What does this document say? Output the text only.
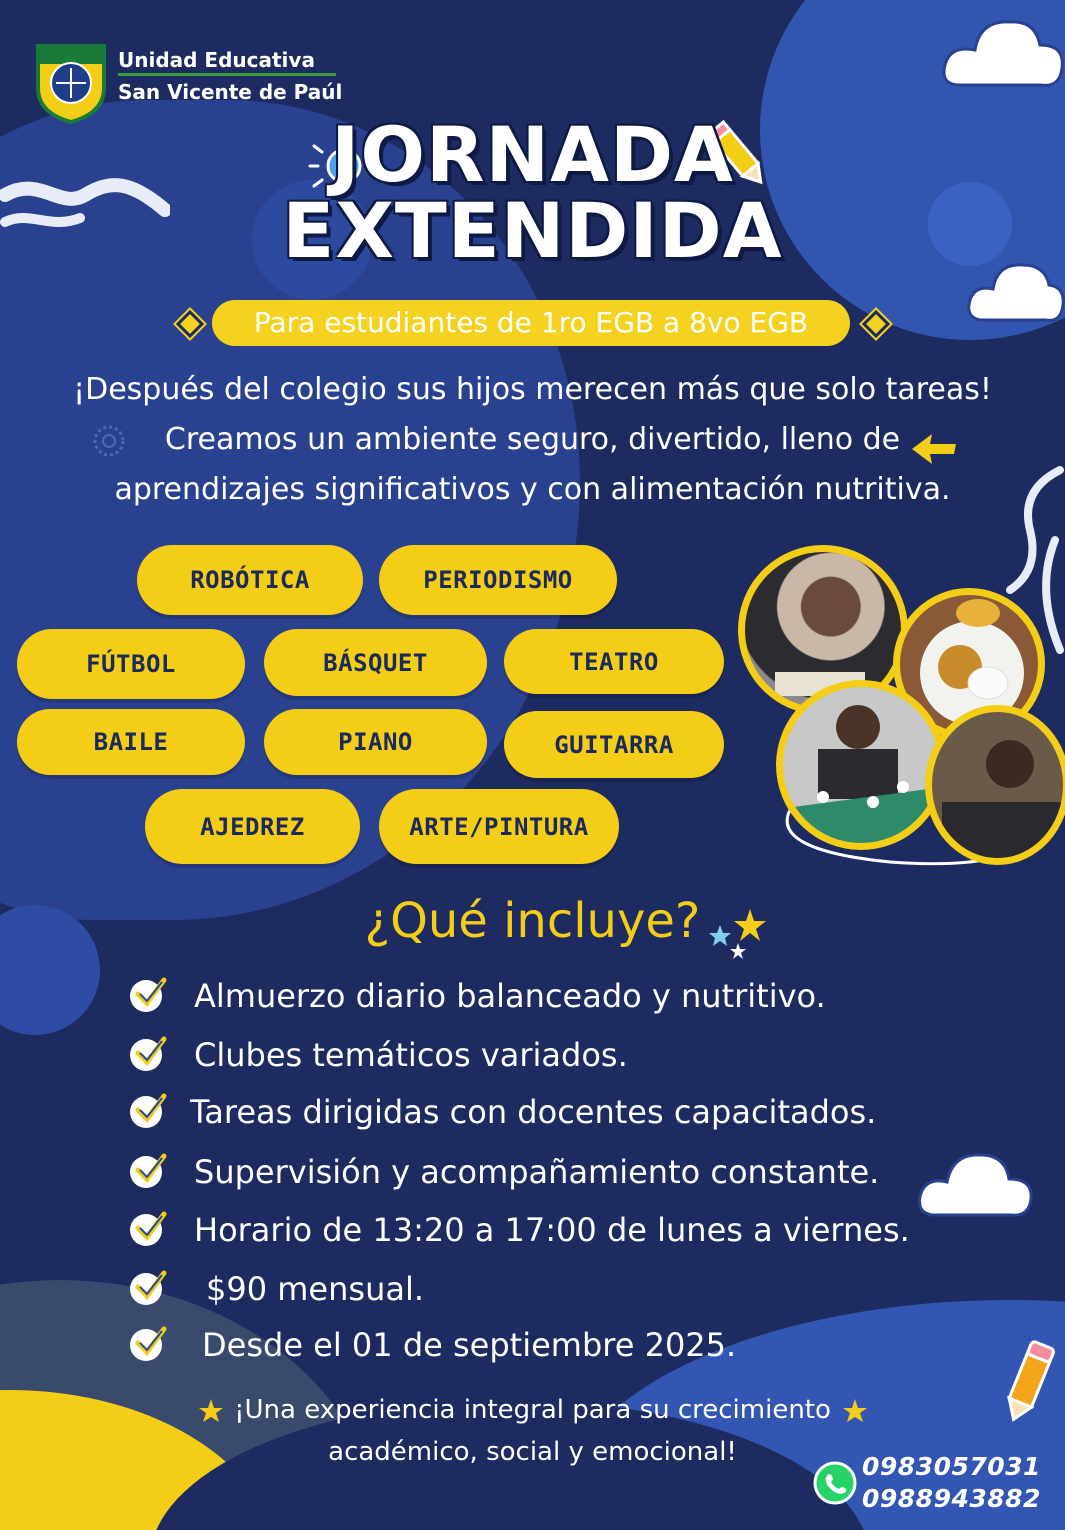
Unidad Educativa
San Vicente de Paúl
JORNADA
EXTENDIDA
Para estudiantes de 1ro EGB a 8vo EGB
¡Después del colegio sus hijos merecen más que solo tareas!
Creamos un ambiente seguro, divertido, lleno de
aprendizajes significativos y con alimentación nutritiva.
ROBÓTICA	PERIODISMO
FÚTBOL	BÁSQUET	TEATRO
BAILE	PIANO	GUITARRA
AJEDREZ	ARTE/PINTURA
¿Qué incluye?
Almuerzo diario balanceado y nutritivo.
Clubes temáticos variados.
Tareas dirigidas con docentes capacitados.
Supervisión y acompañamiento constante.
Horario de 13:20 a 17:00 de lunes a viernes.
$90 mensual.
Desde el 01 de septiembre 2025.
¡Una experiencia integral para su crecimiento
académico, social y emocional!	0983057031
0988943882
